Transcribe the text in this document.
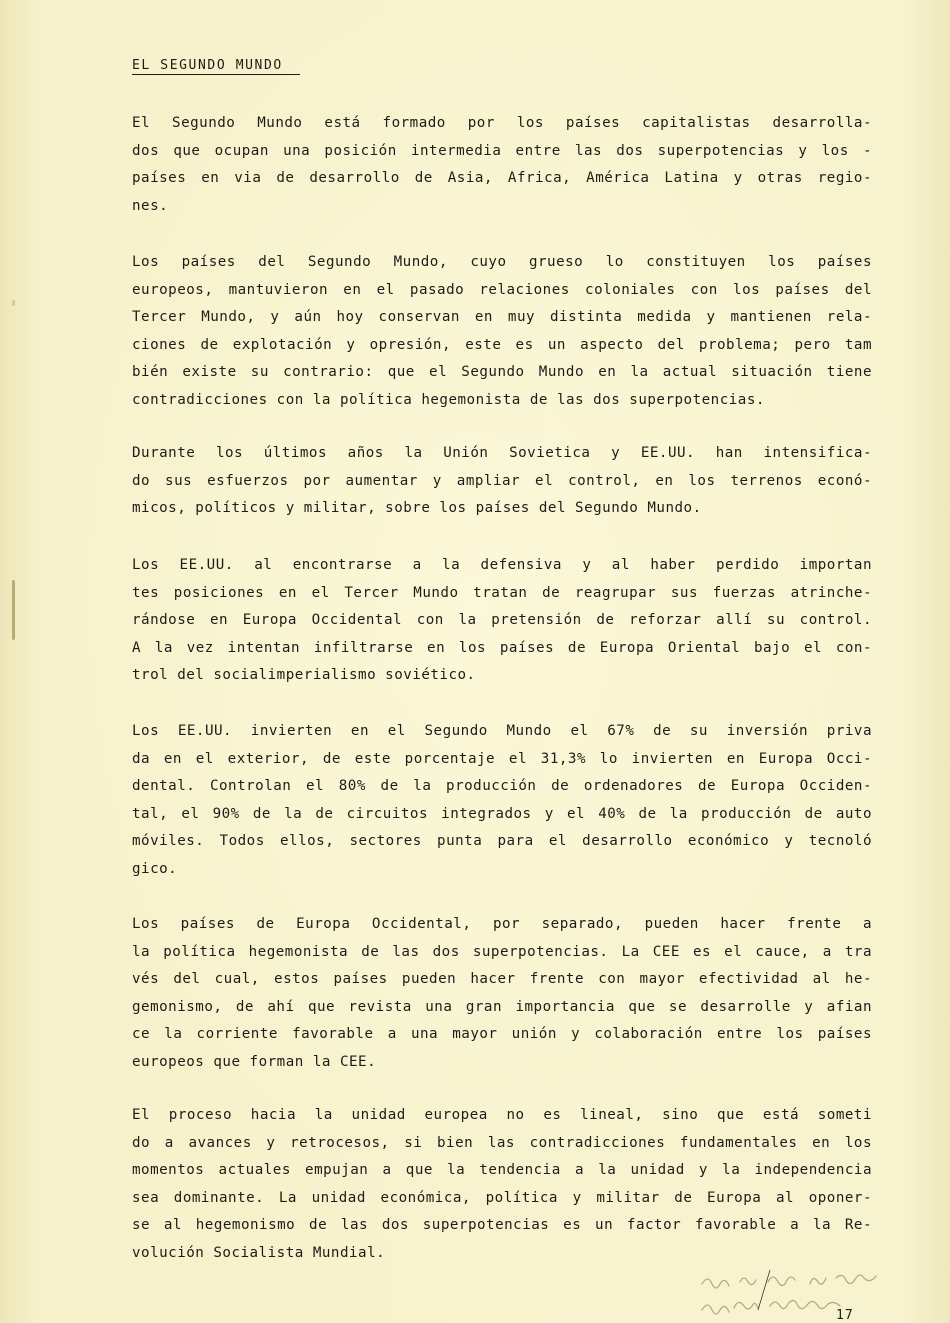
EL SEGUNDO MUNDO
El Segundo Mundo está formado por los países capitalistas desarrolla-
dos que ocupan una posición intermedia entre las dos superpotencias y los -
países en via de desarrollo de Asia, Africa, América Latina y otras regio-
nes.
Los países del Segundo Mundo, cuyo grueso lo constituyen los países
europeos, mantuvieron en el pasado relaciones coloniales con los países del
Tercer Mundo, y aún hoy conservan en muy distinta medida y mantienen rela-
ciones de explotación y opresión, este es un aspecto del problema; pero tam
bién existe su contrario: que el Segundo Mundo en la actual situación tiene
contradicciones con la política hegemonista de las dos superpotencias.
Durante los últimos años la Unión Sovietica y EE.UU. han intensifica-
do sus esfuerzos por aumentar y ampliar el control, en los terrenos econó-
micos, políticos y militar, sobre los países del Segundo Mundo.
Los EE.UU. al encontrarse a la defensiva y al haber perdido importan
tes posiciones en el Tercer Mundo tratan de reagrupar sus fuerzas atrinche-
rándose en Europa Occidental con la pretensión de reforzar allí su control.
A la vez intentan infiltrarse en los países de Europa Oriental bajo el con-
trol del socialimperialismo soviético.
Los EE.UU. invierten en el Segundo Mundo el 67% de su inversión priva
da en el exterior, de este porcentaje el 31,3% lo invierten en Europa Occi-
dental. Controlan el 80% de la producción de ordenadores de Europa Occiden-
tal, el 90% de la de circuitos integrados y el 40% de la producción de auto
móviles. Todos ellos, sectores punta para el desarrollo económico y tecnoló
gico.
Los países de Europa Occidental, por separado, pueden hacer frente a
la política hegemonista de las dos superpotencias. La CEE es el cauce, a tra
vés del cual, estos países pueden hacer frente con mayor efectividad al he-
gemonismo, de ahí que revista una gran importancia que se desarrolle y afian
ce la corriente favorable a una mayor unión y colaboración entre los países
europeos que forman la CEE.
El proceso hacia la unidad europea no es lineal, sino que está someti
do a avances y retrocesos, si bien las contradicciones fundamentales en los
momentos actuales empujan a que la tendencia a la unidad y la independencia
sea dominante. La unidad económica, política y militar de Europa al oponer-
se al hegemonismo de las dos superpotencias es un factor favorable a la Re-
volución Socialista Mundial.
17
